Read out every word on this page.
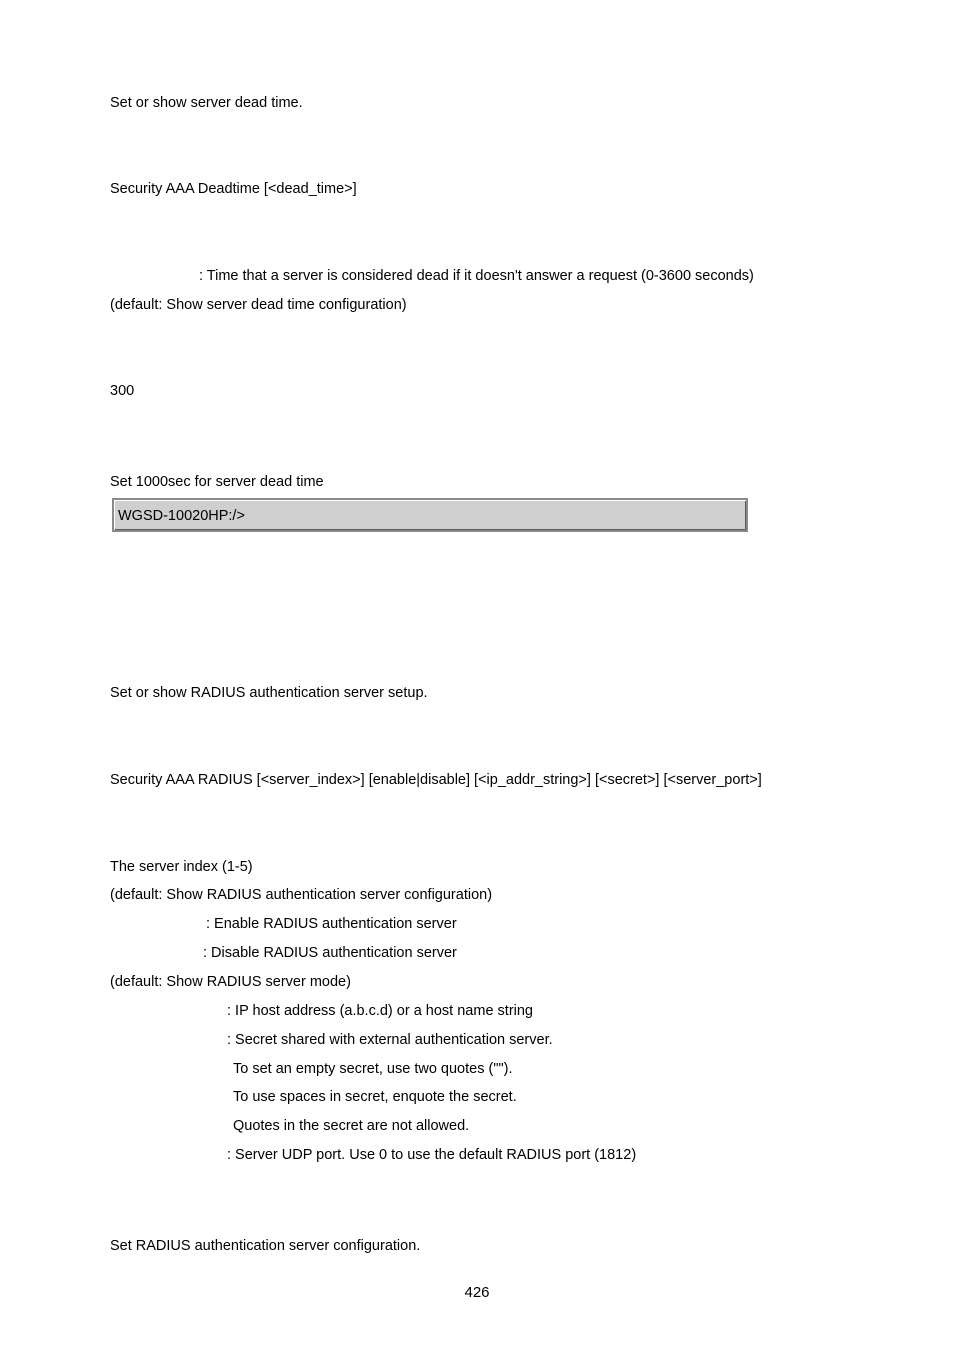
Set or show server dead time.
Security AAA Deadtime [<dead_time>]
: Time that a server is considered dead if it doesn't answer a request (0-3600 seconds)
(default: Show server dead time configuration)
300
Set 1000sec for server dead time
WGSD-10020HP:/>
Set or show RADIUS authentication server setup.
Security AAA RADIUS [<server_index>] [enable|disable] [<ip_addr_string>] [<secret>] [<server_port>]
The server index (1-5)
(default: Show RADIUS authentication server configuration)
: Enable RADIUS authentication server
: Disable RADIUS authentication server
(default: Show RADIUS server mode)
: IP host address (a.b.c.d) or a host name string
: Secret shared with external authentication server.
To set an empty secret, use two quotes ("").
To use spaces in secret, enquote the secret.
Quotes in the secret are not allowed.
: Server UDP port. Use 0 to use the default RADIUS port (1812)
Set RADIUS authentication server configuration.
426
